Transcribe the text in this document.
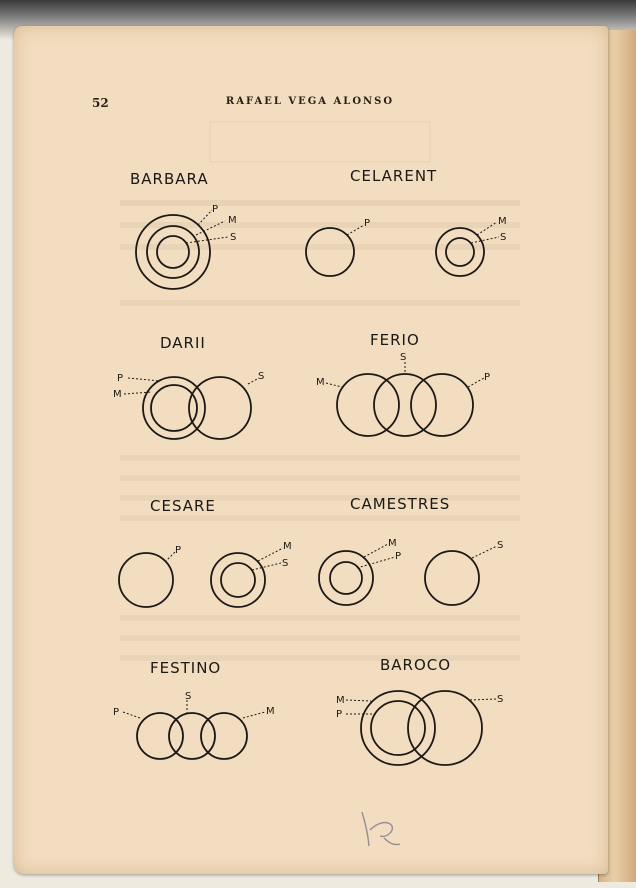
52	RAFAEL VEGA ALONSO
BARBARA
P
M
S
CELARENT
P	M
S
DARII
P
M
S
FERIO
S
M	P
CESARE
P	M
S
CAMESTRES
M
P
S
FESTINO
S
P	M
BAROCO
M
P
S
